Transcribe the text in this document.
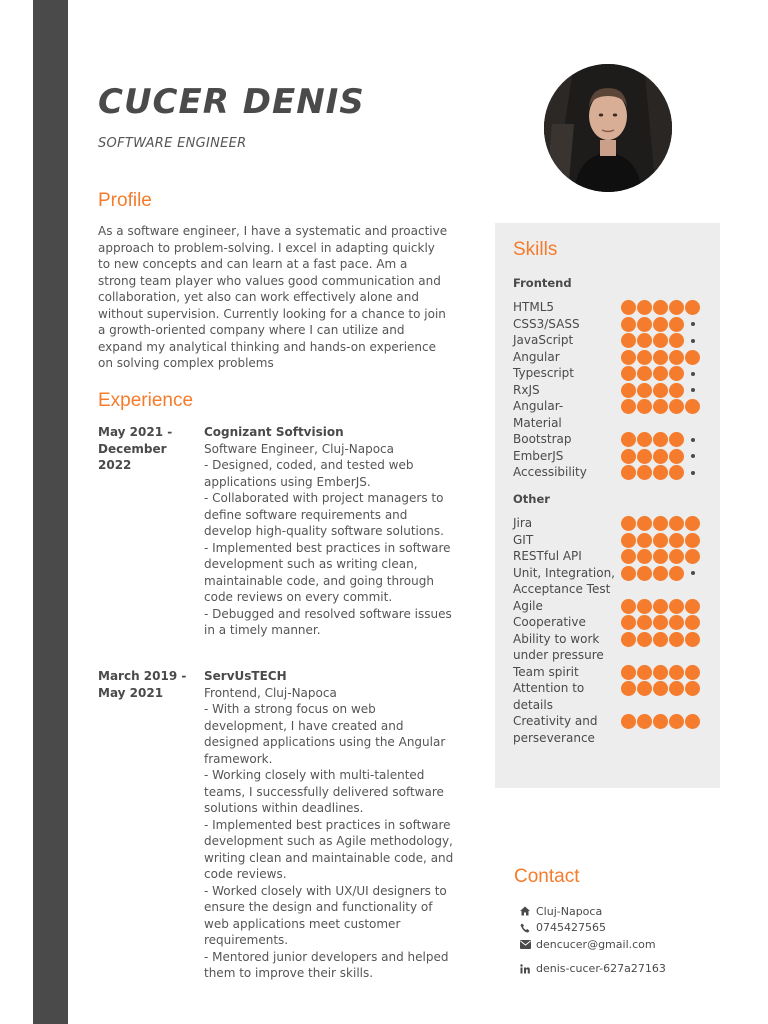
CUCER DENIS
SOFTWARE ENGINEER
Profile
As a software engineer, I have a systematic and proactive approach to problem-solving. I excel in adapting quickly to new concepts and can learn at a fast pace. Am a strong team player who values good communication and collaboration, yet also can work effectively alone and without supervision. Currently looking for a chance to join a growth-oriented company where I can utilize and expand my analytical thinking and hands-on experience on solving complex problems
Experience
May 2021 - December 2022
Cognizant Softvision
Software Engineer, Cluj-Napoca
- Designed, coded, and tested web applications using EmberJS.
- Collaborated with project managers to define software requirements and develop high-quality software solutions.
- Implemented best practices in software development such as writing clean, maintainable code, and going through code reviews on every commit.
- Debugged and resolved software issues in a timely manner.
March 2019 - May 2021
ServUsTECH
Frontend, Cluj-Napoca
- With a strong focus on web development, I have created and designed applications using the Angular framework.
- Working closely with multi-talented teams, I successfully delivered software solutions within deadlines.
- Implemented best practices in software development such as Agile methodology, writing clean and maintainable code, and code reviews.
- Worked closely with UX/UI designers to ensure the design and functionality of web applications meet customer requirements.
- Mentored junior developers and helped them to improve their skills.
Skills
Frontend
HTML5
CSS3/SASS
JavaScript
Angular
Typescript
RxJS
Angular-Material
Bootstrap
EmberJS
Accessibility
Other
Jira
GIT
RESTful API
Unit, Integration, Acceptance Test
Agile
Cooperative
Ability to work under pressure
Team spirit
Attention to details
Creativity and perseverance
Contact
Cluj-Napoca
0745427565
dencucer@gmail.com
denis-cucer-627a27163
